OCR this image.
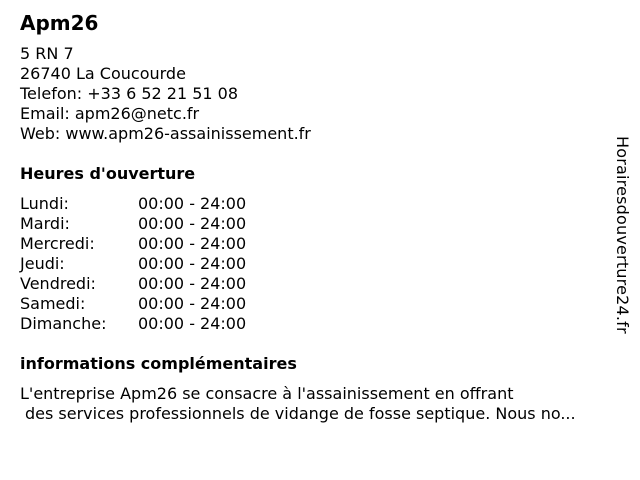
Apm26
5 RN 7
26740 La Coucourde
Telefon: +33 6 52 21 51 08
Email: apm26@netc.fr
Web: www.apm26-assainissement.fr
Heures d'ouverture
Lundi:	00:00 - 24:00
Mardi:	00:00 - 24:00
Mercredi:	00:00 - 24:00
Jeudi:	00:00 - 24:00
Vendredi:	00:00 - 24:00
Samedi:	00:00 - 24:00
Dimanche: 00:00 - 24:00
informations complémentaires
L'entreprise Apm26 se consacre à l'assainissement en offrant
des services professionnels de vidange de fosse septique. Nous no...
Horairesdouverture24.fr
